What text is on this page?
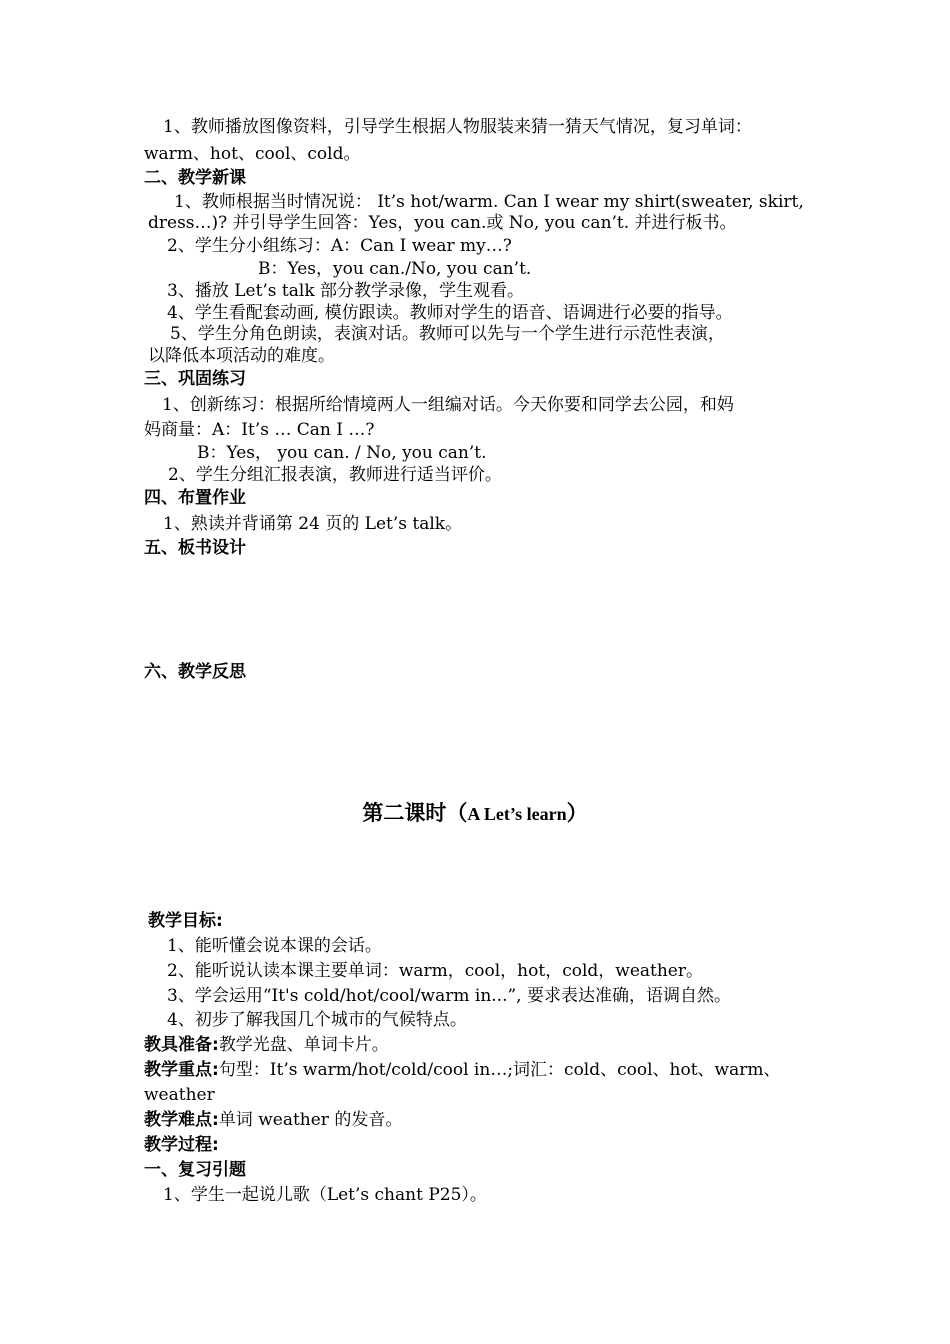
1、教师播放图像资料，引导学生根据人物服装来猜一猜天气情况，复习单词：
warm、hot、cool、cold。
二、教学新课
1、教师根据当时情况说： It’s hot/warm. Can I wear my shirt(sweater, skirt,
dress…)? 并引导学生回答：Yes，you can.或 No, you can’t. 并进行板书。
2、学生分小组练习：A：Can I wear my…?
B：Yes，you can./No, you can’t.
3、播放 Let’s talk 部分教学录像，学生观看。
4、学生看配套动画, 模仿跟读。教师对学生的语音、语调进行必要的指导。
5、学生分角色朗读，表演对话。教师可以先与一个学生进行示范性表演，
以降低本项活动的难度。
三、巩固练习
1、创新练习：根据所给情境两人一组编对话。今天你要和同学去公园，和妈
妈商量：A：It’s … Can I …?
B：Yes， you can. / No, you can’t.
2、学生分组汇报表演，教师进行适当评价。
四、布置作业
1、熟读并背诵第 24 页的 Let’s talk。
五、板书设计
六、教学反思
第二课时（A Let’s learn）
教学目标:
1、能听懂会说本课的会话。
2、能听说认读本课主要单词：warm，cool，hot，cold，weather。
3、学会运用“It's cold/hot/cool/warm in...”, 要求表达准确，语调自然。
4、初步了解我国几个城市的气候特点。
教具准备:教学光盘、单词卡片。
教学重点:句型：It’s warm/hot/cold/cool in…;词汇：cold、cool、hot、warm、
weather
教学难点:单词 weather 的发音。
教学过程:
一、复习引题
1、学生一起说儿歌（Let’s chant P25）。
